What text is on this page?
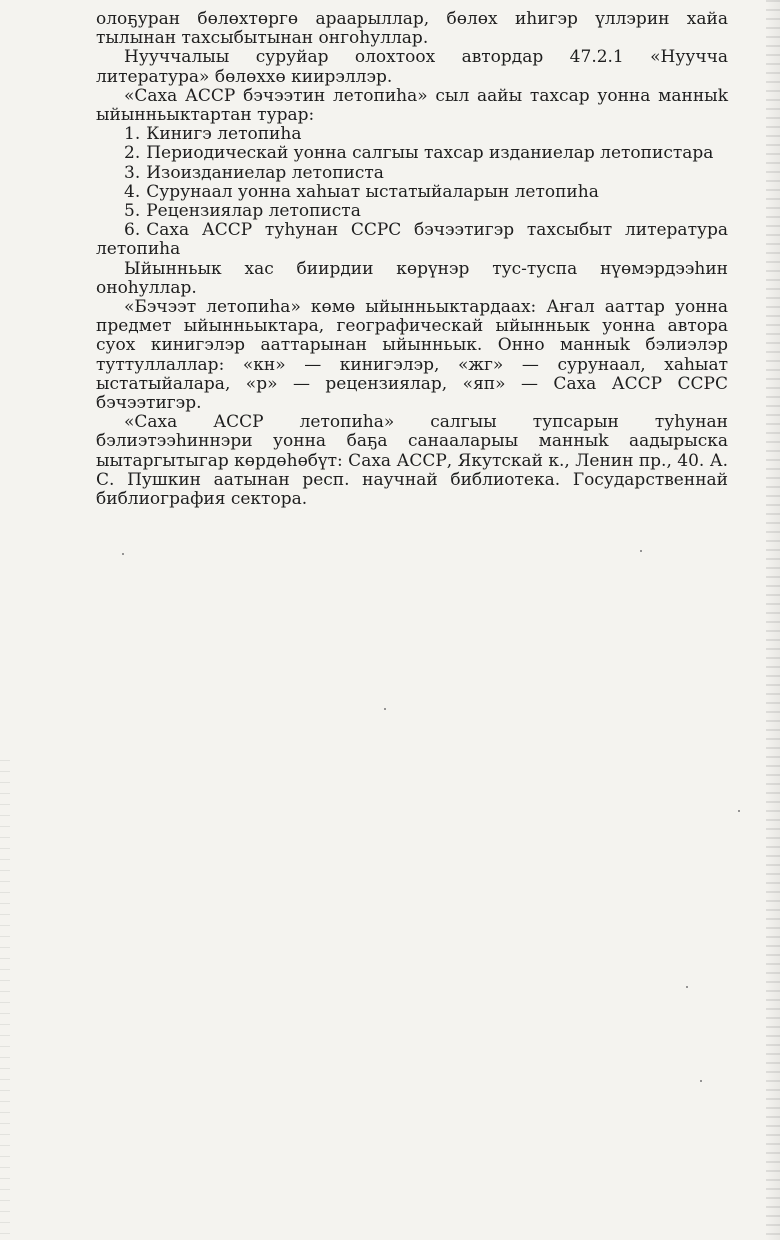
олоҕуран бөлөхтөргө араарыллар, бөлөх иһигэр үллэрин хайа тылынан тахсыбытынан онгоһуллар.

Нууччалыы суруйар олохтоох автордар 47.2.1 «Нууччa литература» бөлөххө киирэллэр.

«Саха АССР бэчээтин летопиһа» сыл аайы тахсар уонна манныk ыйынньыктартан турар:

1. Кинигэ летопиһа

2. Периодическай уонна салгыы тахсар изданиелар летопистара

3. Изоизданиелар летописта

4. Сурунаал уонна хаһыат ыстатыйаларын летопиһа

5. Рецензиялар летописта

6. Саха АССР туһунан ССРС бэчээтигэр тахсыбыт литература летопиһа

Ыйынньык хас биирдии көрүнэр тус-туспа нүөмэрдээһин оноһуллар.

«Бэчээт летопиһа» көмө ыйынньыктардаах: Аҥал ааттар уонна предмет ыйынньыктара, географическай ыйынньык уонна автора суох кинигэлэр ааттарынан ыйынньык. Онно манныk бэлиэлэр туттуллаллар: «кн» — кинигэлэр, «жг» — сурунаал, хаһыат ыстатыйалара, «р» — рецензиялар, «яп» — Саха АССР ССРС бэчээтигэр.

«Саха АССР летопиһа» салгыы тупсарын туһунан бэлиэтээһиннэри уонна баҕа санааларыы манныk аадырыска ыытаргытыгар көрдөһөбүт: Саха АССР, Якутскай к., Ленин пр., 40. А. С. Пушкин аатынан респ. научнай библиотека. Государственнай библиография сектора.
